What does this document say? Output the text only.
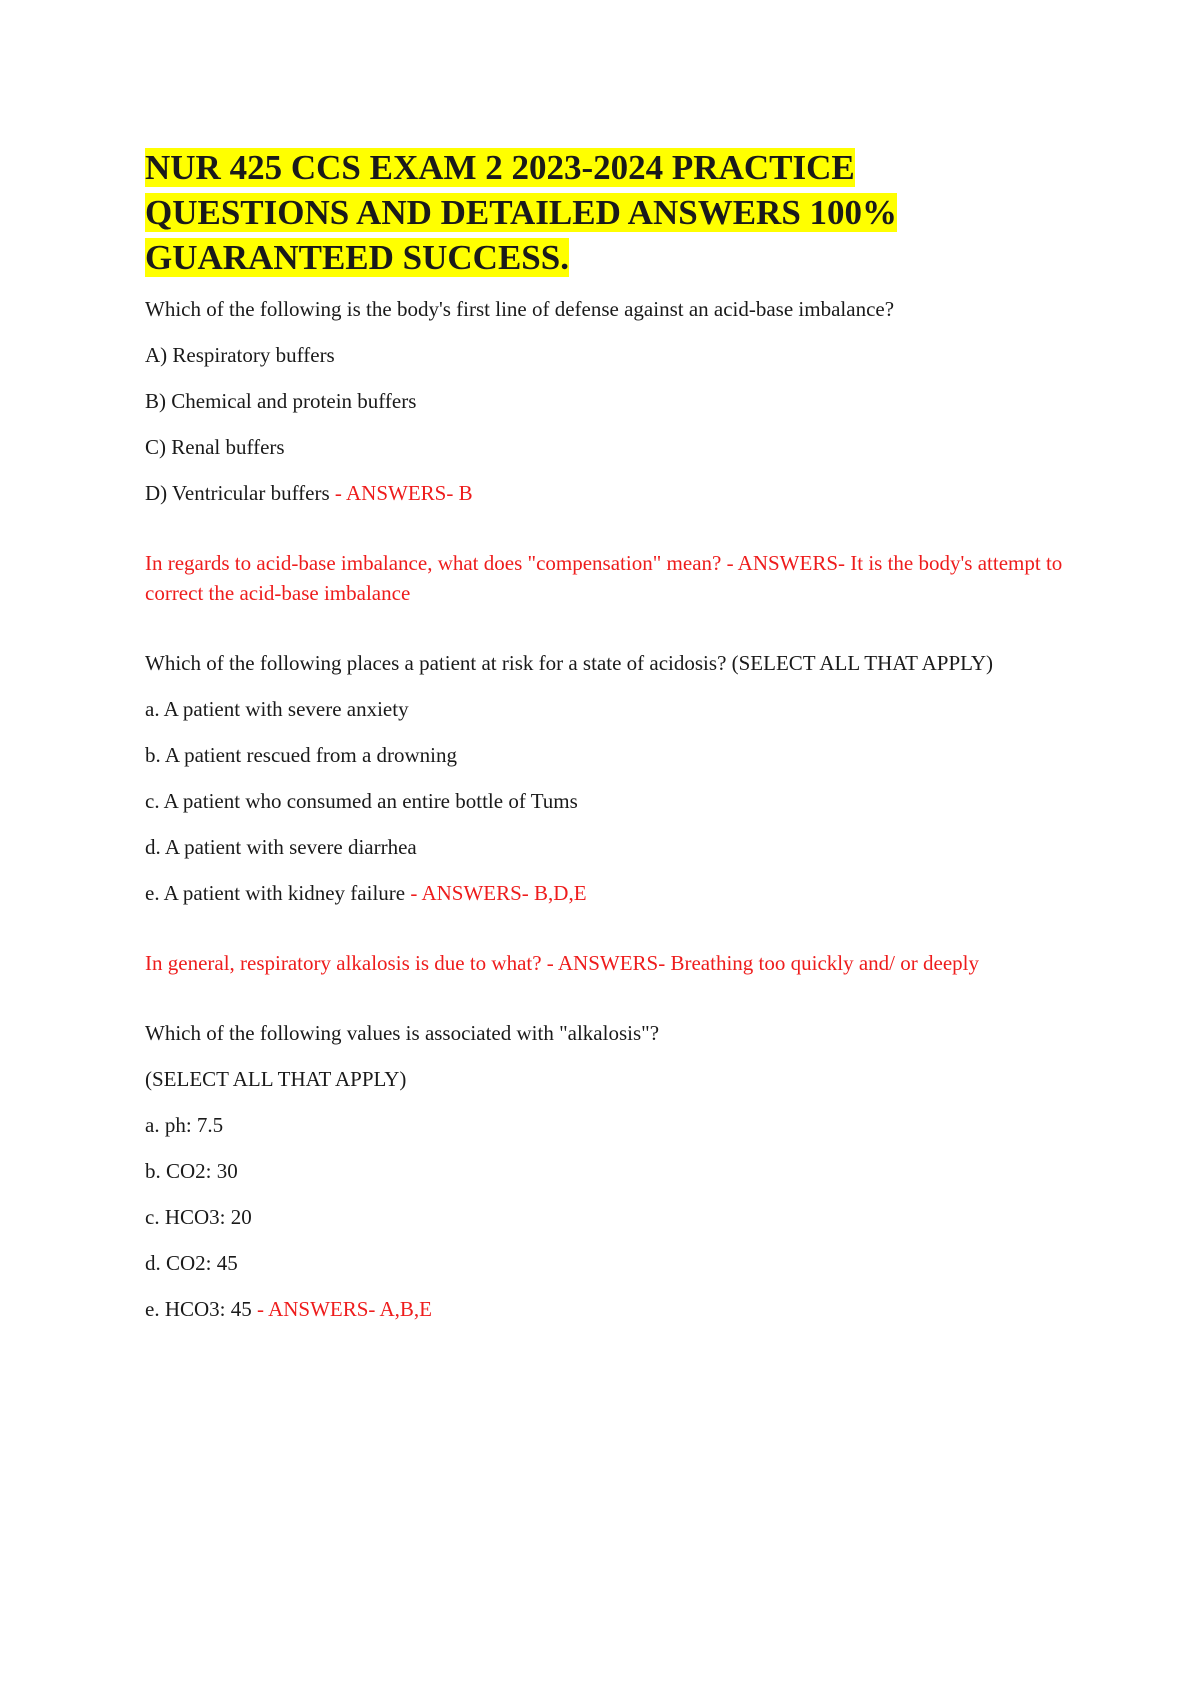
NUR 425 CCS EXAM 2 2023-2024 PRACTICE
QUESTIONS AND DETAILED ANSWERS 100%
GUARANTEED SUCCESS.

Which of the following is the body's first line of defense against an acid-base imbalance?

A) Respiratory buffers

B) Chemical and protein buffers

C) Renal buffers

D) Ventricular buffers - ANSWERS- B

In regards to acid-base imbalance, what does "compensation" mean? - ANSWERS- It is the body's attempt to correct the acid-base imbalance

Which of the following places a patient at risk for a state of acidosis? (SELECT ALL THAT APPLY)

a. A patient with severe anxiety

b. A patient rescued from a drowning

c. A patient who consumed an entire bottle of Tums

d. A patient with severe diarrhea

e. A patient with kidney failure - ANSWERS- B,D,E

In general, respiratory alkalosis is due to what? - ANSWERS- Breathing too quickly and/ or deeply

Which of the following values is associated with "alkalosis"?

(SELECT ALL THAT APPLY)

a. ph: 7.5

b. CO2: 30

c. HCO3: 20

d. CO2: 45

e. HCO3: 45 - ANSWERS- A,B,E
